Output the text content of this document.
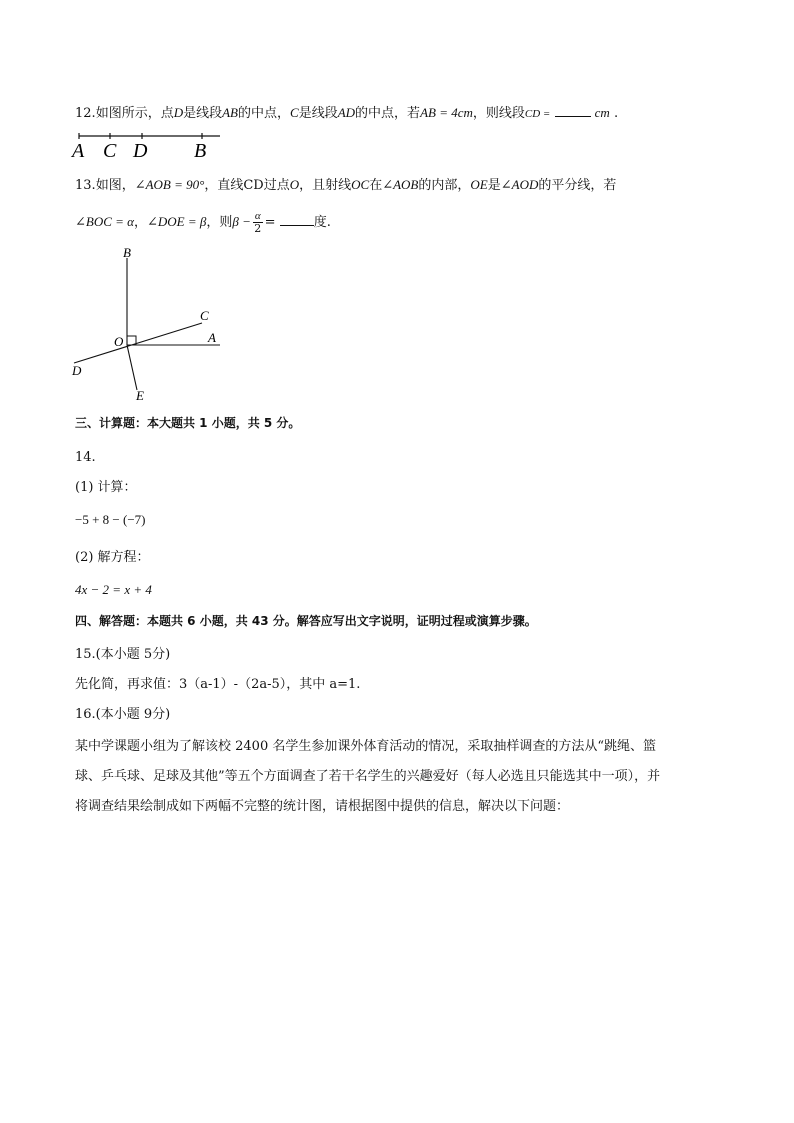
12.如图所示，点D是线段AB的中点，C是线段AD的中点，若AB = 4cm，则线段CD =	cm .
A C D B
13.如图，∠AOB = 90°，直线CD过点O，且射线OC在∠AOB的内部，OE是∠AOD的平分线，若
∠BOC = α，∠DOE = β，则$\beta - \frac{\alpha}{2}$ =	度.
B
C
O	A
D
E
三、计算题：本大题共 1 小题，共 5 分。
14.
(1) 计算：
−5 + 8 − (−7)
(2) 解方程：
4x − 2 = x + 4
四、解答题：本题共 6 小题，共 43 分。解答应写出文字说明，证明过程或演算步骤。
15.(本小题 5分)
先化简，再求值：3（a-1）-（2a-5），其中 a=1.
16.(本小题 9分)
某中学课题小组为了解该校 2400 名学生参加课外体育活动的情况，采取抽样调查的方法从“跳绳、篮
球、乒乓球、足球及其他”等五个方面调查了若干名学生的兴趣爱好（每人必选且只能选其中一项），并
将调查结果绘制成如下两幅不完整的统计图，请根据图中提供的信息，解决以下问题：
